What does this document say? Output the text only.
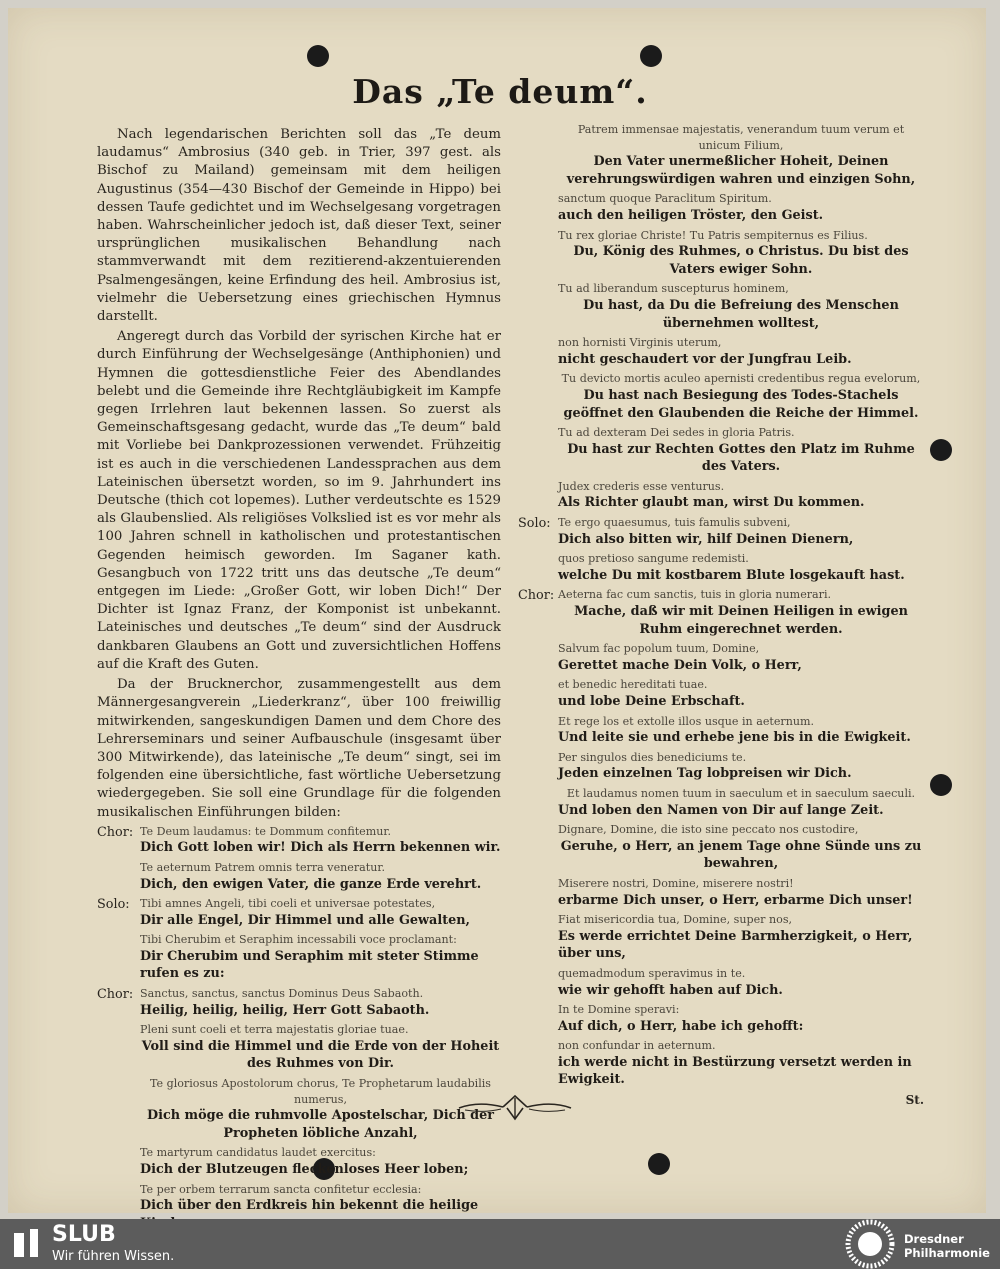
Das „Te deum“.

Nach legendarischen Berichten soll das „Te deum laudamus“ Ambrosius (340 geb. in Trier, 397 gest. als Bischof zu Mailand) gemeinsam mit dem heiligen Augustinus (354—430 Bischof der Gemeinde in Hippo) bei dessen Taufe gedichtet und im Wechselgesang vorgetragen haben. Wahrscheinlicher jedoch ist, daß dieser Text, seiner ursprünglichen musikalischen Behandlung nach stammverwandt mit dem rezitierend-akzentuierenden Psalmengesängen, keine Erfindung des heil. Ambrosius ist, vielmehr die Uebersetzung eines griechischen Hymnus darstellt.

Angeregt durch das Vorbild der syrischen Kirche hat er durch Einführung der Wechselgesänge (Anthiphonien) und Hymnen die gottesdienstliche Feier des Abendlandes belebt und die Gemeinde ihre Rechtgläubigkeit im Kampfe gegen Irrlehren laut bekennen lassen. So zuerst als Gemeinschaftsgesang gedacht, wurde das „Te deum“ bald mit Vorliebe bei Dankprozessionen verwendet. Frühzeitig ist es auch in die verschiedenen Landessprachen aus dem Lateinischen übersetzt worden, so im 9. Jahrhundert ins Deutsche (thich cot lopemes). Luther verdeutschte es 1529 als Glaubenslied. Als religiöses Volkslied ist es vor mehr als 100 Jahren schnell in katholischen und protestantischen Gegenden heimisch geworden. Im Saganer kath. Gesangbuch von 1722 tritt uns das deutsche „Te deum“ entgegen im Liede: „Großer Gott, wir loben Dich!“ Der Dichter ist Ignaz Franz, der Komponist ist unbekannt. Lateinisches und deutsches „Te deum“ sind der Ausdruck dankbaren Glaubens an Gott und zuversichtlichen Hoffens auf die Kraft des Guten.

Da der Brucknerchor, zusammengestellt aus dem Männergesangverein „Liederkranz“, über 100 freiwillig mitwirkenden, sangeskundigen Damen und dem Chore des Lehrerseminars und seiner Aufbauschule (insgesamt über 300 Mitwirkende), das lateinische „Te deum“ singt, sei im folgenden eine übersichtliche, fast wörtliche Uebersetzung wiedergegeben. Sie soll eine Grundlage für die folgenden musikalischen Einführungen bilden:

Chor: Te Deum laudamus: te Dommum confitemur.

Dich Gott loben wir! Dich als Herrn bekennen wir.

Te aeternum Patrem omnis terra veneratur.

Dich, den ewigen Vater, die ganze Erde verehrt.

Solo: Tibi amnes Angeli, tibi coeli et universae potestates,

Dir alle Engel, Dir Himmel und alle Gewalten,

Tibi Cherubim et Seraphim incessabili voce proclamant:

Dir Cherubim und Seraphim mit steter Stimme rufen es zu:

Chor: Sanctus, sanctus, sanctus Dominus Deus Sabaoth.

Heilig, heilig, heilig, Herr Gott Sabaoth.

Pleni sunt coeli et terra majestatis gloriae tuae.

Voll sind die Himmel und die Erde von der Hoheit des Ruhmes von Dir.

Te gloriosus Apostolorum chorus, Te Prophetarum laudabilis numerus,

Dich möge die ruhmvolle Apostelschar, Dich der Propheten löbliche Anzahl,

Te martyrum candidatus laudet exercitus:

Dich der Blutzeugen fleckenloses Heer loben;

Te per orbem terrarum sancta confitetur ecclesia:

Dich über den Erdkreis hin bekennt die heilige

Patrem immensae majestatis, venerandum tuum verum et unicum Filium,

Den Vater unermeßlicher Hoheit, Deinen verehrungswürdigen wahren und einzigen Sohn,

sanctum quoque Paraclitum Spiritum.

auch den heiligen Tröster, den Geist.

Tu rex gloriae Christe! Tu Patris sempiternus es Filius.

Du, König des Ruhmes, o Christus. Du bist des Vaters ewiger Sohn.

Tu ad liberandum suscepturus hominem,

Du hast, da Du die Befreiung des Menschen übernehmen wolltest,

non hornisti Virginis uterum,

nicht geschaudert vor der Jungfrau Leib.

Tu devicto mortis aculeo apernisti credentibus regua evelorum,

Du hast nach Besiegung des Todes-Stachels geöffnet den Glaubenden die Reiche der Himmel.

Tu ad dexteram Dei sedes in gloria Patris.

Du hast zur Rechten Gottes den Platz im Ruhme des Vaters.

Judex crederis esse venturus.

Als Richter glaubt man, wirst Du kommen.

Solo: Te ergo quaesumus, tuis famulis subveni,

Dich also bitten wir, hilf Deinen Dienern,

quos pretioso sangume redemisti.

welche Du mit kostbarem Blute losgekauft hast.

Chor: Aeterna fac cum sanctis, tuis in gloria numerari.

Mache, daß wir mit Deinen Heiligen in ewigen Ruhm eingerechnet werden.

Salvum fac popolum tuum, Domine,

Gerettet mache Dein Volk, o Herr,

et benedic hereditati tuae.

und lobe Deine Erbschaft.

Et rege los et extolle illos usque in aeternum.

Und leite sie und erhebe jene bis in die Ewigkeit.

Per singulos dies benediciums te.

Jeden einzelnen Tag lobpreisen wir Dich.

Et laudamus nomen tuum in saeculum et in saeculum saeculi.

Und loben den Namen von Dir auf lange Zeit.

Dignare, Domine, die isto sine peccato nos custodire,

Geruhe, o Herr, an jenem Tage ohne Sünde uns zu bewahren,

Miserere nostri, Domine, miserere nostri!

erbarme Dich unser, o Herr, erbarme Dich unser!

Fiat misericordia tua, Domine, super nos,

Es werde errichtet Deine Barmherzigkeit, o Herr, über uns,

quemadmodum speravimus in te.

wie wir gehofft haben auf Dich.

In te Domine speravi:

Auf dich, o Herr, habe ich gehofft:

non confundar in aeternum.

ich werde nicht in Bestürzung versetzt werden in Ewigkeit.

St.

SLUB
Wir führen Wissen.
Dresdner
Philharmonie
